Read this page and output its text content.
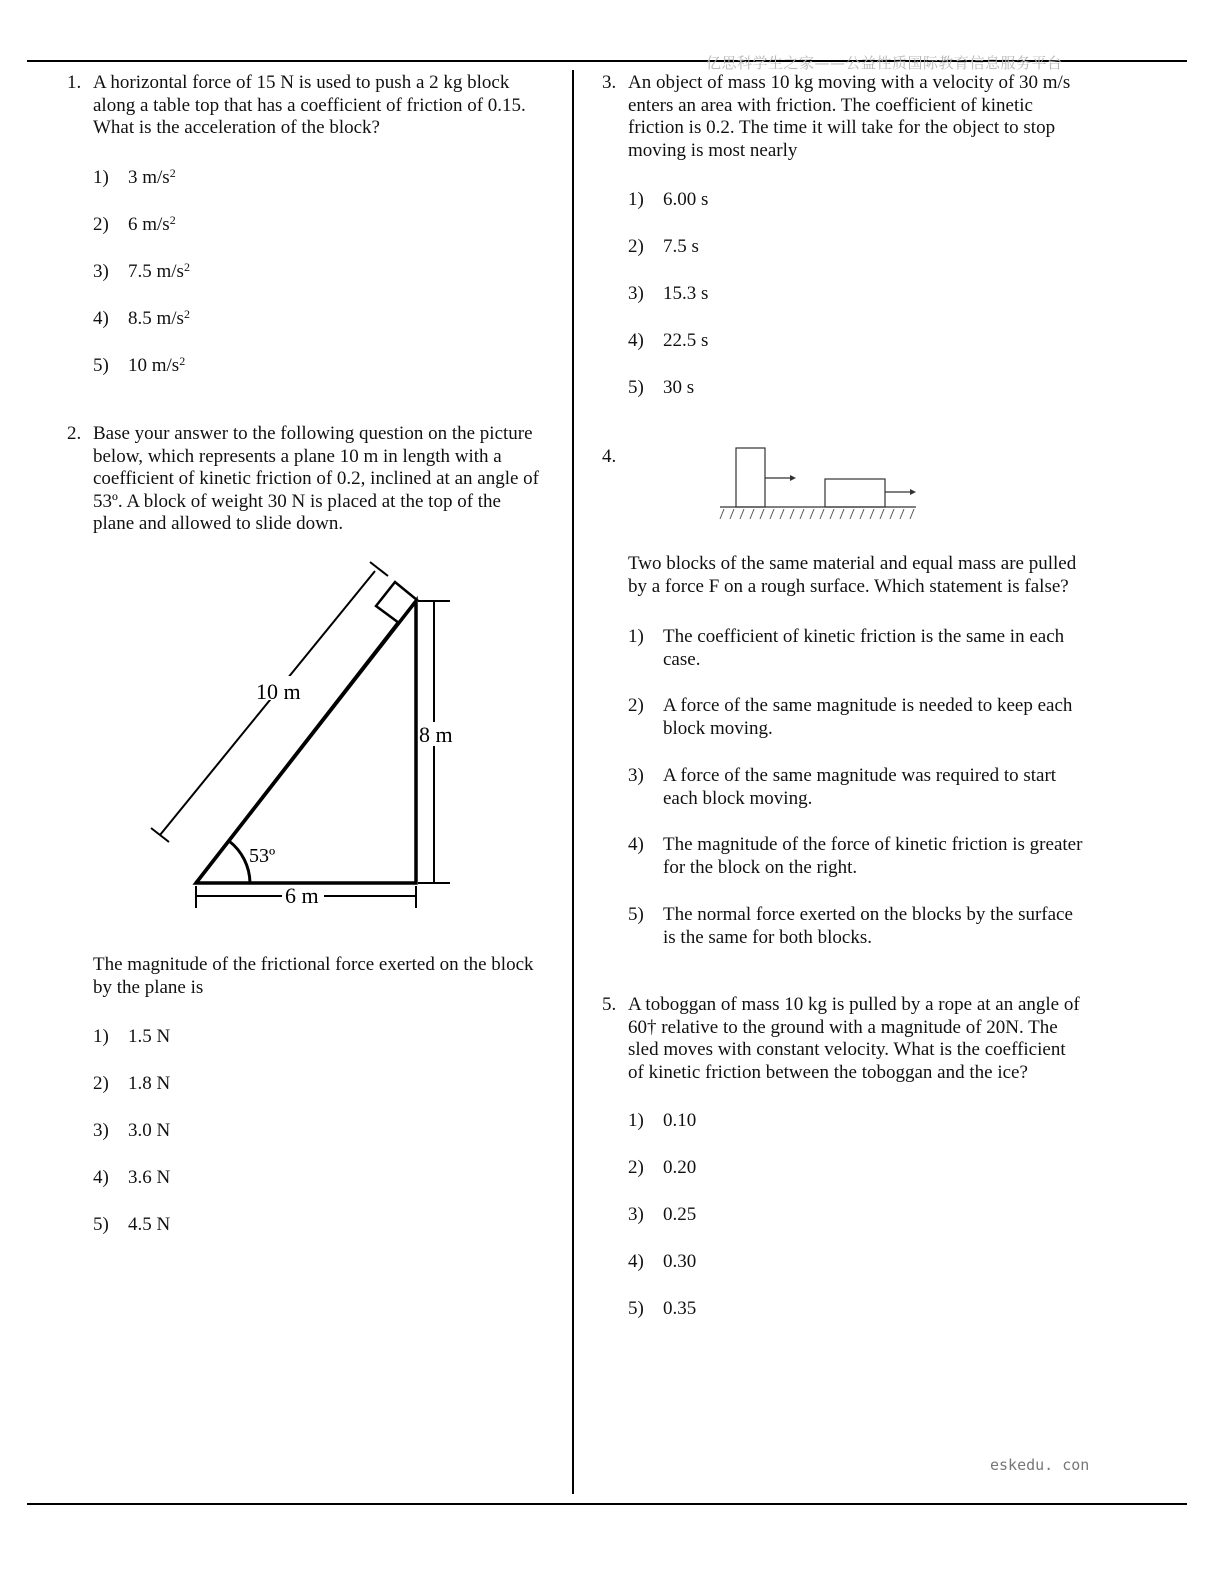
亿思科学生之家——公益性质国际教育信息服务平台
eskedu. con
1. A horizontal force of 15 N is used to push a 2 kg block
along a table top that has a coefficient of friction of 0.15.
What is the acceleration of the block?
1) 3 $m/s^2$
2) 6 $m/s^2$
3) 7.5 $m/s^2$
4) 8.5 $m/s^2$
5) 10 $m/s^2$
2. Base your answer to the following question on the picture
below, which represents a plane 10 m in length with a
coefficient of kinetic friction of 0.2, inclined at an angle of
53º. A block of weight 30 N is placed at the top of the
plane and allowed to slide down.
10 m
8 m
6 m
53º
The magnitude of the frictional force exerted on the block
by the plane is
1) 1.5 N
2) 1.8 N
3) 3.0 N
4) 3.6 N
5) 4.5 N
3. An object of mass 10 kg moving with a velocity of 30 m/s
enters an area with friction. The coefficient of kinetic
friction is 0.2. The time it will take for the object to stop
moving is most nearly
1) 6.00 s
2) 7.5 s
3) 15.3 s
4) 22.5 s
5) 30 s
4.
Two blocks of the same material and equal mass are pulled
by a force F on a rough surface. Which statement is false?
1) The coefficient of kinetic friction is the same in each
case.
2) A force of the same magnitude is needed to keep each
block moving.
3) A force of the same magnitude was required to start
each block moving.
4) The magnitude of the force of kinetic friction is greater
for the block on the right.
5) The normal force exerted on the blocks by the surface
is the same for both blocks.
5. A toboggan of mass 10 kg is pulled by a rope at an angle of
60† relative to the ground with a magnitude of 20N. The
sled moves with constant velocity. What is the coefficient
of kinetic friction between the toboggan and the ice?
1) 0.10
2) 0.20
3) 0.25
4) 0.30
5) 0.35
